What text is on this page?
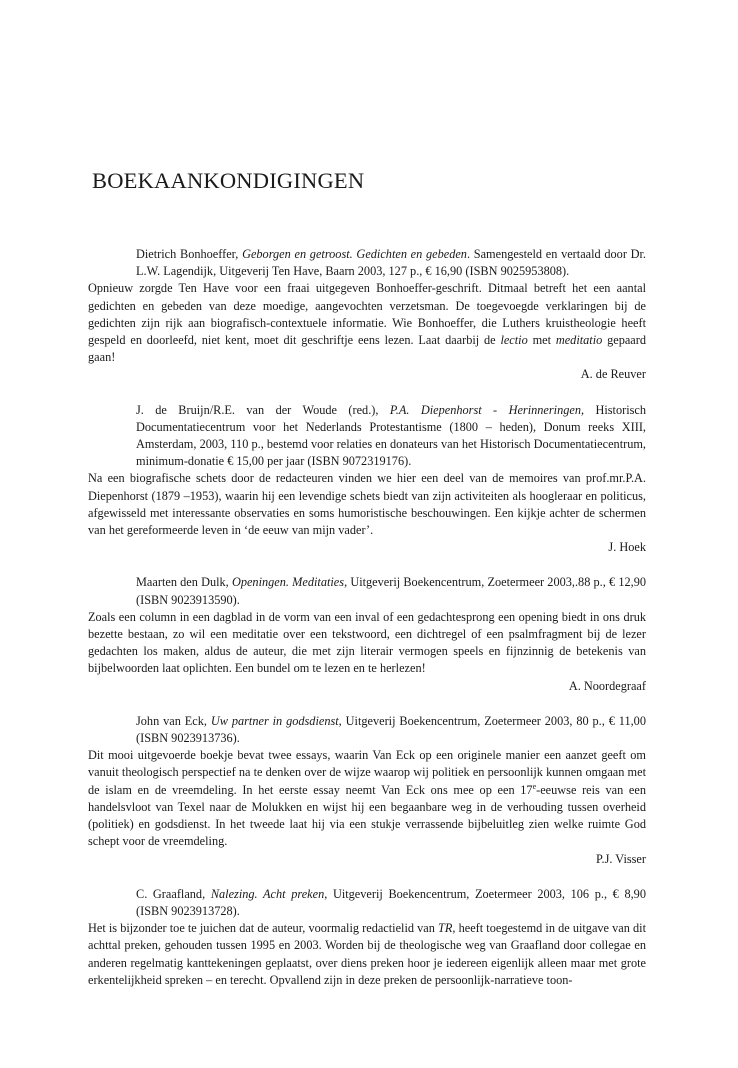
BOEKAANKONDIGINGEN

Dietrich Bonhoeffer, Geborgen en getroost. Gedichten en gebeden. Samengesteld en vertaald door Dr. L.W. Lagendijk, Uitgeverij Ten Have, Baarn 2003, 127 p., € 16,90 (ISBN 9025953808).

Opnieuw zorgde Ten Have voor een fraai uitgegeven Bonhoeffer-geschrift. Ditmaal betreft het een aantal gedichten en gebeden van deze moedige, aangevochten verzetsman. De toegevoegde verklaringen bij de gedichten zijn rijk aan biografisch-contextuele informatie. Wie Bonhoeffer, die Luthers kruistheologie heeft gespeld en doorleefd, niet kent, moet dit geschriftje eens lezen. Laat daarbij de lectio met meditatio gepaard gaan!

A. de Reuver

J. de Bruijn/R.E. van der Woude (red.), P.A. Diepenhorst - Herinneringen, Historisch Documentatiecentrum voor het Nederlands Protestantisme (1800 – heden), Donum reeks XIII, Amsterdam, 2003, 110 p., bestemd voor relaties en donateurs van het Historisch Documentatiecentrum, minimum-donatie € 15,00 per jaar (ISBN 9072319176).

Na een biografische schets door de redacteuren vinden we hier een deel van de memoires van prof.mr.P.A. Diepenhorst (1879 –1953), waarin hij een levendige schets biedt van zijn activiteiten als hoogleraar en politicus, afgewisseld met interessante observaties en soms humoristische beschouwingen. Een kijkje achter de schermen van het gereformeerde leven in ‘de eeuw van mijn vader’.

J. Hoek

Maarten den Dulk, Openingen. Meditaties, Uitgeverij Boekencentrum, Zoetermeer 2003,.88 p., € 12,90 (ISBN 9023913590).

Zoals een column in een dagblad in de vorm van een inval of een gedachtesprong een opening biedt in ons druk bezette bestaan, zo wil een meditatie over een tekstwoord, een dichtregel of een psalmfragment bij de lezer gedachten los maken, aldus de auteur, die met zijn literair vermogen speels en fijnzinnig de betekenis van bijbelwoorden laat oplichten. Een bundel om te lezen en te herlezen!

A. Noordegraaf

John van Eck, Uw partner in godsdienst, Uitgeverij Boekencentrum, Zoetermeer 2003, 80 p., € 11,00 (ISBN 9023913736).

Dit mooi uitgevoerde boekje bevat twee essays, waarin Van Eck op een originele manier een aanzet geeft om vanuit theologisch perspectief na te denken over de wijze waarop wij politiek en persoonlijk kunnen omgaan met de islam en de vreemdeling. In het eerste essay neemt Van Eck ons mee op een 17e-eeuwse reis van een handelsvloot van Texel naar de Molukken en wijst hij een begaanbare weg in de verhouding tussen overheid (politiek) en godsdienst. In het tweede laat hij via een stukje verrassende bijbeluitleg zien welke ruimte God schept voor de vreemdeling.

P.J. Visser

C. Graafland, Nalezing. Acht preken, Uitgeverij Boekencentrum, Zoetermeer 2003, 106 p., € 8,90 (ISBN 9023913728).

Het is bijzonder toe te juichen dat de auteur, voormalig redactielid van TR, heeft toegestemd in de uitgave van dit achttal preken, gehouden tussen 1995 en 2003. Worden bij de theologische weg van Graafland door collegae en anderen regelmatig kanttekeningen geplaatst, over diens preken hoor je iedereen eigenlijk alleen maar met grote erkentelijkheid spreken – en terecht. Opvallend zijn in deze preken de persoonlijk-narratieve toon-
